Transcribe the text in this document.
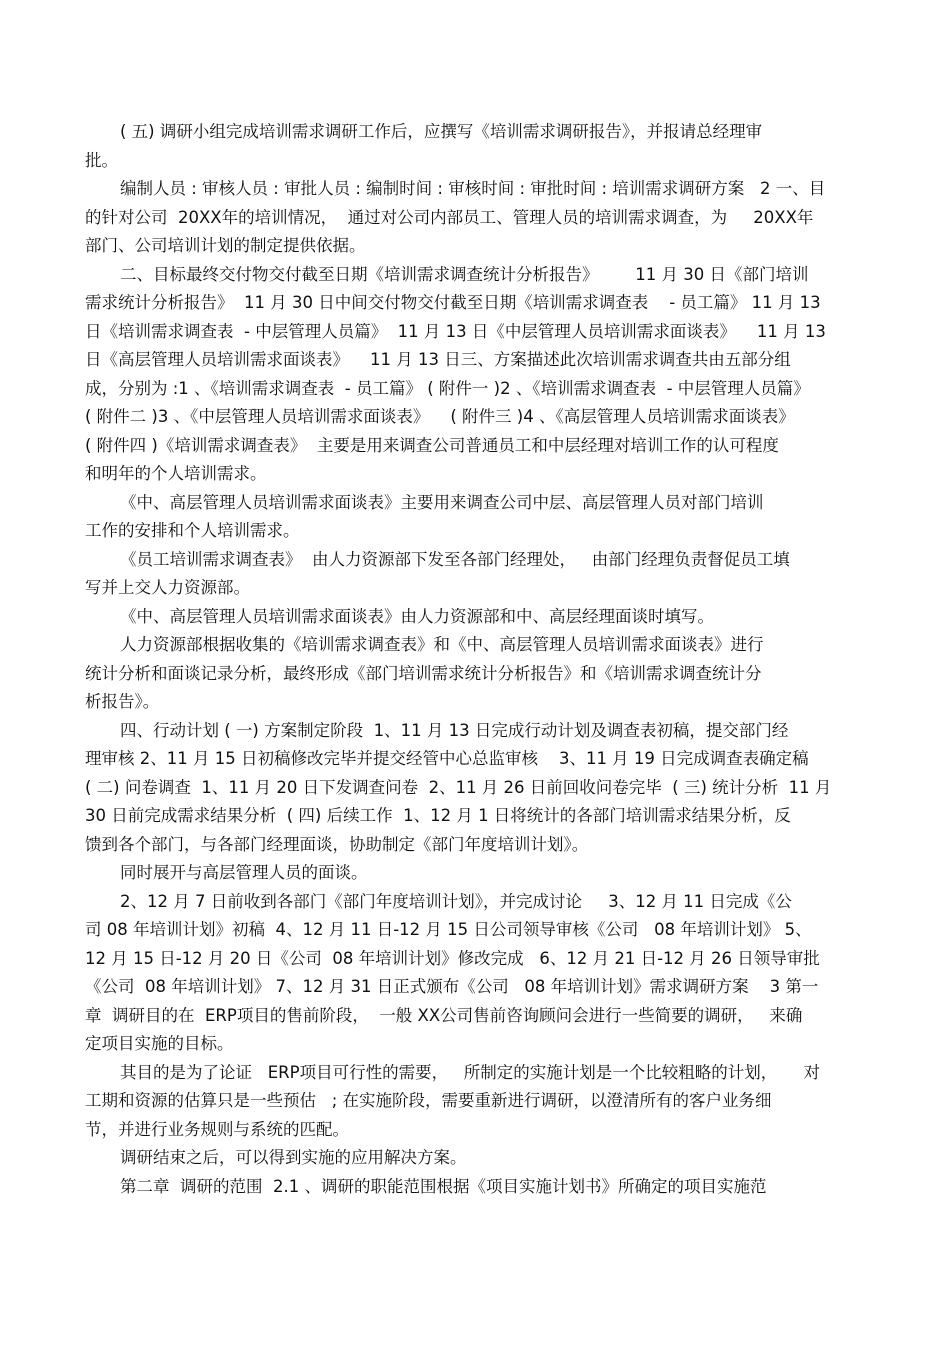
( 五) 调研小组完成培训需求调研工作后，应撰写《培训需求调研报告》，并报请总经理审
批。
编制人员 : 审核人员 : 审批人员 : 编制时间 : 审核时间 : 审批时间 : 培训需求调研方案   2 一、目
的针对公司  20XX年的培训情况，  通过对公司内部员工、管理人员的培训需求调查，为     20XX年
部门、公司培训计划的制定提供依据。
二、目标最终交付物交付截至日期《培训需求调查统计分析报告》       11 月 30 日《部门培训
需求统计分析报告》  11 月 30 日中间交付物交付截至日期《培训需求调查表    - 员工篇》 11 月 13
日《培训需求调查表  - 中层管理人员篇》  11 月 13 日《中层管理人员培训需求面谈表》    11 月 13
日《高层管理人员培训需求面谈表》    11 月 13 日三、方案描述此次培训需求调查共由五部分组
成，分别为 :1 、《培训需求调查表  - 员工篇》 ( 附件一 )2 、《培训需求调查表  - 中层管理人员篇》
( 附件二 )3 、《中层管理人员培训需求面谈表》    ( 附件三 )4 、《高层管理人员培训需求面谈表》
( 附件四 )《培训需求调查表》  主要是用来调查公司普通员工和中层经理对培训工作的认可程度
和明年的个人培训需求。
《中、高层管理人员培训需求面谈表》主要用来调查公司中层、高层管理人员对部门培训
工作的安排和个人培训需求。
《员工培训需求调查表》  由人力资源部下发至各部门经理处，   由部门经理负责督促员工填
写并上交人力资源部。
《中、高层管理人员培训需求面谈表》由人力资源部和中、高层经理面谈时填写。
人力资源部根据收集的《培训需求调查表》和《中、高层管理人员培训需求面谈表》进行
统计分析和面谈记录分析，最终形成《部门培训需求统计分析报告》和《培训需求调查统计分
析报告》。
四、行动计划 ( 一) 方案制定阶段  1、11 月 13 日完成行动计划及调查表初稿，提交部门经
理审核 2、11 月 15 日初稿修改完毕并提交经管中心总监审核    3、11 月 19 日完成调查表确定稿
( 二) 问卷调查  1、11 月 20 日下发调查问卷  2、11 月 26 日前回收问卷完毕  ( 三) 统计分析  11 月
30 日前完成需求结果分析  ( 四) 后续工作  1、12 月 1 日将统计的各部门培训需求结果分析，反
馈到各个部门，与各部门经理面谈，协助制定《部门年度培训计划》。
同时展开与高层管理人员的面谈。
2、12 月 7 日前收到各部门《部门年度培训计划》，并完成讨论     3、12 月 11 日完成《公
司 08 年培训计划》初稿  4、12 月 11 日-12 月 15 日公司领导审核《公司   08 年培训计划》 5、
12 月 15 日-12 月 20 日《公司  08 年培训计划》修改完成   6、12 月 21 日-12 月 26 日领导审批
《公司  08 年培训计划》 7、12 月 31 日正式颁布《公司   08 年培训计划》需求调研方案    3 第一
章  调研目的在  ERP项目的售前阶段，  一般 XX公司售前咨询顾问会进行一些简要的调研，   来确
定项目实施的目标。
其目的是为了论证   ERP项目可行性的需要，   所制定的实施计划是一个比较粗略的计划，     对
工期和资源的估算只是一些预估   ; 在实施阶段，需要重新进行调研，以澄清所有的客户业务细
节，并进行业务规则与系统的匹配。
调研结束之后，可以得到实施的应用解决方案。
第二章  调研的范围  2.1 、调研的职能范围根据《项目实施计划书》所确定的项目实施范
